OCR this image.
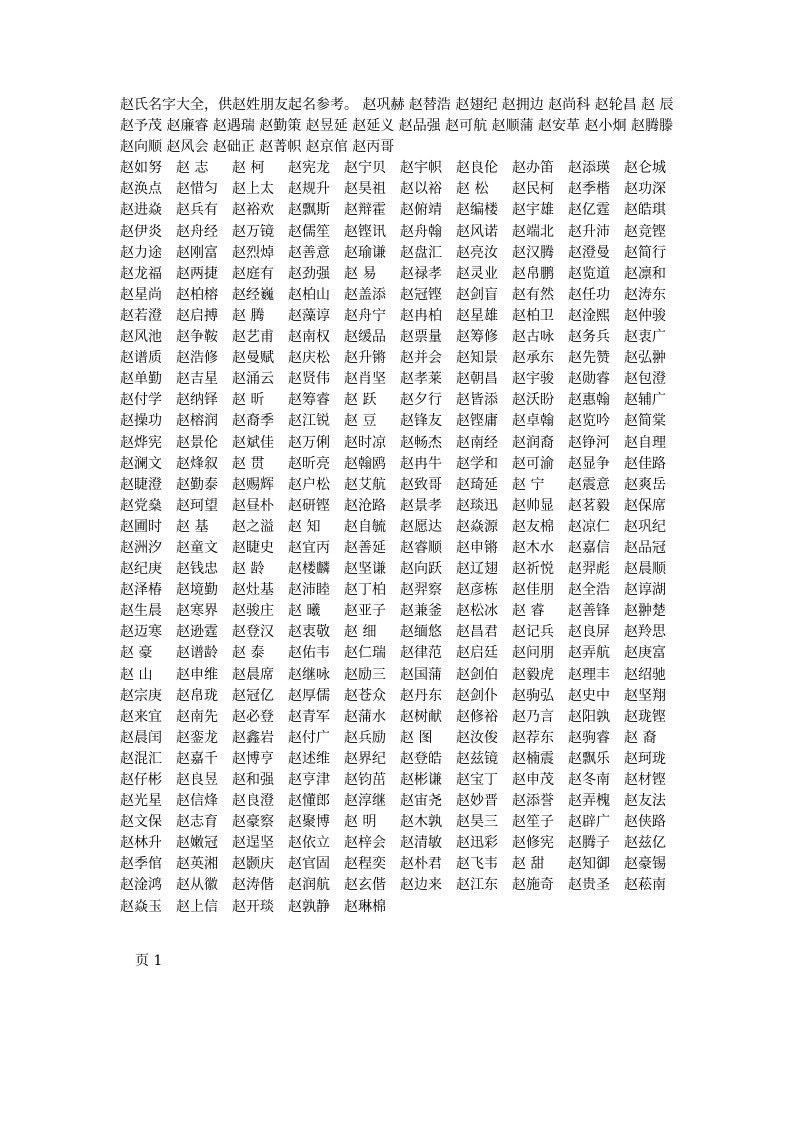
赵氏名字大全，供赵姓朋友起名参考。 赵巩赫 赵替浩 赵翅纪 赵拥边 赵尚科 赵轮昌 赵 辰 赵予茂 赵廉睿 赵遇瑞 赵勤策 赵昱延 赵延义 赵品强 赵可航 赵顺蒲 赵安革 赵小炯 赵腾滕 赵向顺 赵风会 赵础正 赵菁帜 赵京倌 赵丙哥
赵如努	赵 志	赵 柯	赵宪龙	赵宁贝	赵宇帜	赵良伦	赵办笛	赵添瑛	赵仑城
赵涣点	赵惜匀	赵上太	赵规升	赵昊祖	赵以裕	赵 松	赵民柯	赵季楷	赵功深
赵进焱	赵兵有	赵裕欢	赵飘斯	赵辩霍	赵俯靖	赵编楼	赵宇雄	赵亿霆	赵皓琪
赵伊炎	赵舟经	赵万镜	赵儒笙	赵铿讯	赵舟翰	赵风诺	赵端北	赵升沛	赵竞铿
赵力途	赵刚富	赵烈焯	赵善意	赵瑜谦	赵盘汇	赵亮汝	赵汉腾	赵澄曼	赵简行
赵龙福	赵两捷	赵庭有	赵劲强	赵 易	赵禄孝	赵灵业	赵帛鹏	赵览道	赵凛和
赵星尚	赵柏榕	赵经巍	赵柏山	赵盖添	赵冠铿	赵剑盲	赵有然	赵任功	赵涛东
赵若澄	赵启搏	赵 腾	赵藻谆	赵舟宁	赵冉柏	赵星雄	赵柏卫	赵淦熙	赵仲骏
赵风池	赵争鞍	赵艺甫	赵南权	赵缓品	赵票量	赵筹修	赵古咏	赵务兵	赵衷广
赵谱质	赵浩修	赵曼赋	赵庆松	赵升锵	赵并会	赵知景	赵承东	赵先赞	赵弘翀
赵单勤	赵吉星	赵涌云	赵贤伟	赵肖坚	赵孝莱	赵朝昌	赵宇骏	赵勋睿	赵包澄
赵付学	赵纳铎	赵 昕	赵筹睿	赵 跃	赵夕行	赵皆添	赵沃盼	赵惠翰	赵辅广
赵操功	赵榕润	赵裔季	赵江锐	赵 豆	赵锋友	赵铿庸	赵卓翰	赵览吟	赵简棠
赵烨宪	赵景伦	赵斌佳	赵万俐	赵时凉	赵畅杰	赵南经	赵润裔	赵铮河	赵自理
赵澜文	赵烽叙	赵 贯	赵昕亮	赵翰鸥	赵冉牛	赵学和	赵可渝	赵显争	赵佳路
赵睫澄	赵勤泰	赵赐辉	赵户松	赵艾航	赵致哥	赵琦延	赵 宁	赵震意	赵爽岳
赵党燊	赵珂望	赵昼朴	赵研铿	赵沧路	赵景孝	赵琰迅	赵帅显	赵茗毅	赵保席
赵圃时	赵 基	赵之溢	赵 知	赵自毓	赵愿达	赵焱源	赵友棉	赵凉仁	赵巩纪
赵洲汐	赵童文	赵睫史	赵宜丙	赵善延	赵睿顺	赵申锵	赵木水	赵嘉信	赵品冠
赵纪庚	赵钱忠	赵 龄	赵楼麟	赵坚谦	赵向跃	赵辽翅	赵祈悦	赵羿彪	赵晨顺
赵泽椿	赵境勤	赵灶基	赵沛睦	赵丁柏	赵羿察	赵彦栋	赵佳朋	赵全浩	赵谆湖
赵生晨	赵寒界	赵骏庄	赵 曦	赵亚子	赵兼釜	赵松冰	赵 睿	赵善锋	赵翀楚
赵迈寒	赵逊霆	赵登汉	赵衷敬	赵 细	赵缅悠	赵昌君	赵记兵	赵良屏	赵羚思
赵 豪	赵谱龄	赵 泰	赵佑韦	赵仁瑞	赵律范	赵启廷	赵问朋	赵弄航	赵庚富
赵 山	赵申维	赵晨席	赵继咏	赵励三	赵国蒲	赵剑伯	赵毅虎	赵理丰	赵绍驰
赵宗庚	赵帛珑	赵冠亿	赵厚儒	赵苍众	赵丹东	赵剑仆	赵驹弘	赵史中	赵坚翔
赵来宜	赵南先	赵必登	赵青军	赵蒲水	赵树献	赵修裕	赵乃言	赵阳孰	赵珑铿
赵晨闰	赵銮龙	赵鑫岩	赵付广	赵兵励	赵 图	赵汝俊	赵荐东	赵驹睿	赵 裔
赵混汇	赵嘉千	赵博亨	赵述维	赵界纪	赵登皓	赵兹镜	赵楠震	赵飘乐	赵珂珑
赵仔彬	赵良昱	赵和强	赵亨津	赵钧茁	赵彬谦	赵宝丁	赵申茂	赵冬南	赵材铿
赵光星	赵信烽	赵良澄	赵懂郎	赵淳继	赵宙尧	赵妙晋	赵添誉	赵弄槐	赵友法
赵文保	赵志育	赵豪察	赵聚博	赵 明	赵木孰	赵昊三	赵笙子	赵辟广	赵侠路
赵林升	赵嫩冠	赵逞坚	赵依立	赵梓会	赵清敏	赵迅彩	赵修宪	赵腾子	赵兹亿
赵季倌	赵英湘	赵颢庆	赵官固	赵程奕	赵朴君	赵飞韦	赵 甜	赵知御	赵豪锡
赵淦鸿	赵从徽	赵涛偕	赵润航	赵玄偕	赵边来	赵江东	赵施奇	赵贵圣	赵菘南
赵焱玉	赵上信	赵开琰	赵孰静	赵琳棉
页 1
